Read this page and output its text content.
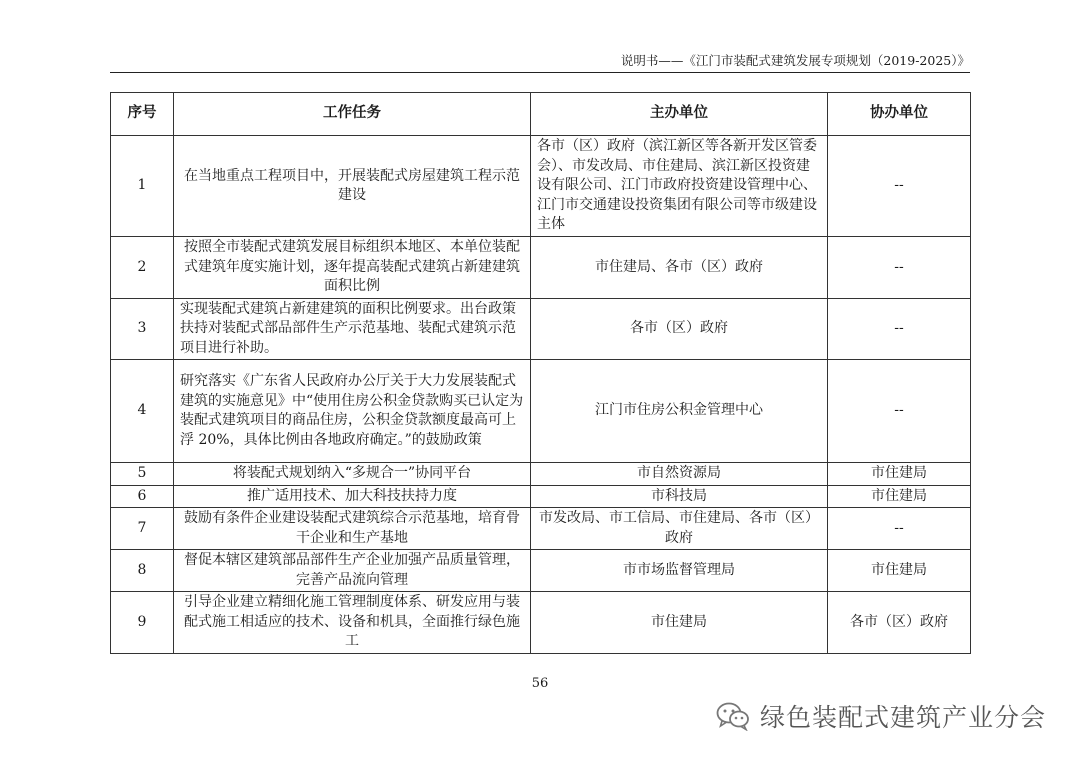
说明书——《江门市装配式建筑发展专项规划（2019-2025）》
序号	工作任务	主办单位	协办单位
1	在当地重点工程项目中，开展装配式房屋建筑工程示范建设	各市（区）政府（滨江新区等各新开发区管委会）、市发改局、市住建局、滨江新区投资建设有限公司、江门市政府投资建设管理中心、江门市交通建设投资集团有限公司等市级建设主体	--
2	按照全市装配式建筑发展目标组织本地区、本单位装配式建筑年度实施计划，逐年提高装配式建筑占新建建筑面积比例	市住建局、各市（区）政府	--
3	实现装配式建筑占新建建筑的面积比例要求。出台政策扶持对装配式部品部件生产示范基地、装配式建筑示范项目进行补助。	各市（区）政府	--
4	研究落实《广东省人民政府办公厅关于大力发展装配式建筑的实施意见》中“使用住房公积金贷款购买已认定为装配式建筑项目的商品住房，公积金贷款额度最高可上浮 20%，具体比例由各地政府确定。”的鼓励政策	江门市住房公积金管理中心	--
5	将装配式规划纳入“多规合一”协同平台	市自然资源局	市住建局
6	推广适用技术、加大科技扶持力度	市科技局	市住建局
7	鼓励有条件企业建设装配式建筑综合示范基地，培育骨干企业和生产基地	市发改局、市工信局、市住建局、各市（区）政府	--
8	督促本辖区建筑部品部件生产企业加强产品质量管理，完善产品流向管理	市市场监督管理局	市住建局
9	引导企业建立精细化施工管理制度体系、研发应用与装配式施工相适应的技术、设备和机具，全面推行绿色施工	市住建局	各市（区）政府
56
绿色装配式建筑产业分会
